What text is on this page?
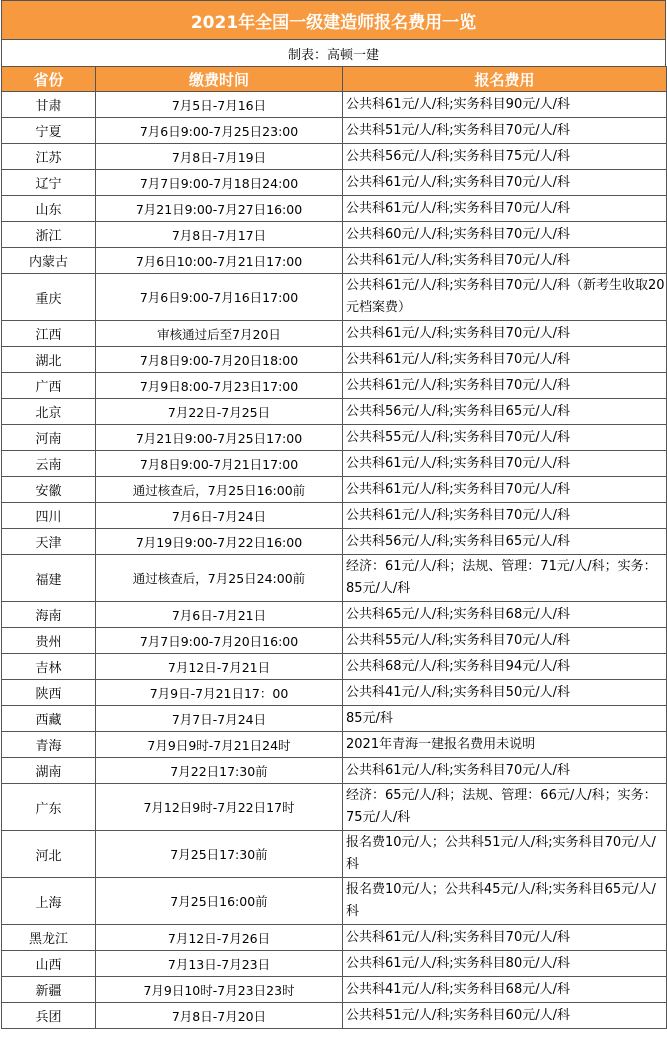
2021年全国一级建造师报名费用一览
制表：高顿一建
省份	缴费时间	报名费用
甘肃	7月5日-7月16日	公共科61元/人/科;实务科目90元/人/科
宁夏	7月6日9:00-7月25日23:00	公共科51元/人/科;实务科目70元/人/科
江苏	7月8日-7月19日	公共科56元/人/科;实务科目75元/人/科
辽宁	7月7日9:00-7月18日24:00	公共科61元/人/科;实务科目70元/人/科
山东	7月21日9:00-7月27日16:00	公共科61元/人/科;实务科目70元/人/科
浙江	7月8日-7月17日	公共科60元/人/科;实务科目70元/人/科
内蒙古	7月6日10:00-7月21日17:00	公共科61元/人/科;实务科目70元/人/科
重庆	7月6日9:00-7月16日17:00	公共科61元/人/科;实务科目70元/人/科（新考生收取20元档案费）
江西	审核通过后至7月20日	公共科61元/人/科;实务科目70元/人/科
湖北	7月8日9:00-7月20日18:00	公共科61元/人/科;实务科目70元/人/科
广西	7月9日8:00-7月23日17:00	公共科61元/人/科;实务科目70元/人/科
北京	7月22日-7月25日	公共科56元/人/科;实务科目65元/人/科
河南	7月21日9:00-7月25日17:00	公共科55元/人/科;实务科目70元/人/科
云南	7月8日9:00-7月21日17:00	公共科61元/人/科;实务科目70元/人/科
安徽	通过核查后，7月25日16:00前	公共科61元/人/科;实务科目70元/人/科
四川	7月6日-7月24日	公共科61元/人/科;实务科目70元/人/科
天津	7月19日9:00-7月22日16:00	公共科56元/人/科;实务科目65元/人/科
福建	通过核查后，7月25日24:00前	经济：61元/人/科；法规、管理：71元/人/科；实务：85元/人/科
海南	7月6日-7月21日	公共科65元/人/科;实务科目68元/人/科
贵州	7月7日9:00-7月20日16:00	公共科55元/人/科;实务科目70元/人/科
吉林	7月12日-7月21日	公共科68元/人/科;实务科目94元/人/科
陕西	7月9日-7月21日17：00	公共科41元/人/科;实务科目50元/人/科
西藏	7月7日-7月24日	85元/科
青海	7月9日9时-7月21日24时	2021年青海一建报名费用未说明
湖南	7月22日17:30前	公共科61元/人/科;实务科目70元/人/科
广东	7月12日9时-7月22日17时	经济：65元/人/科；法规、管理：66元/人/科；实务：75元/人/科
河北	7月25日17:30前	报名费10元/人；公共科51元/人/科;实务科目70元/人/科
上海	7月25日16:00前	报名费10元/人；公共科45元/人/科;实务科目65元/人/科
黑龙江	7月12日-7月26日	公共科61元/人/科;实务科目70元/人/科
山西	7月13日-7月23日	公共科61元/人/科;实务科目80元/人/科
新疆	7月9日10时-7月23日23时	公共科41元/人/科;实务科目68元/人/科
兵团	7月8日-7月20日	公共科51元/人/科;实务科目60元/人/科
